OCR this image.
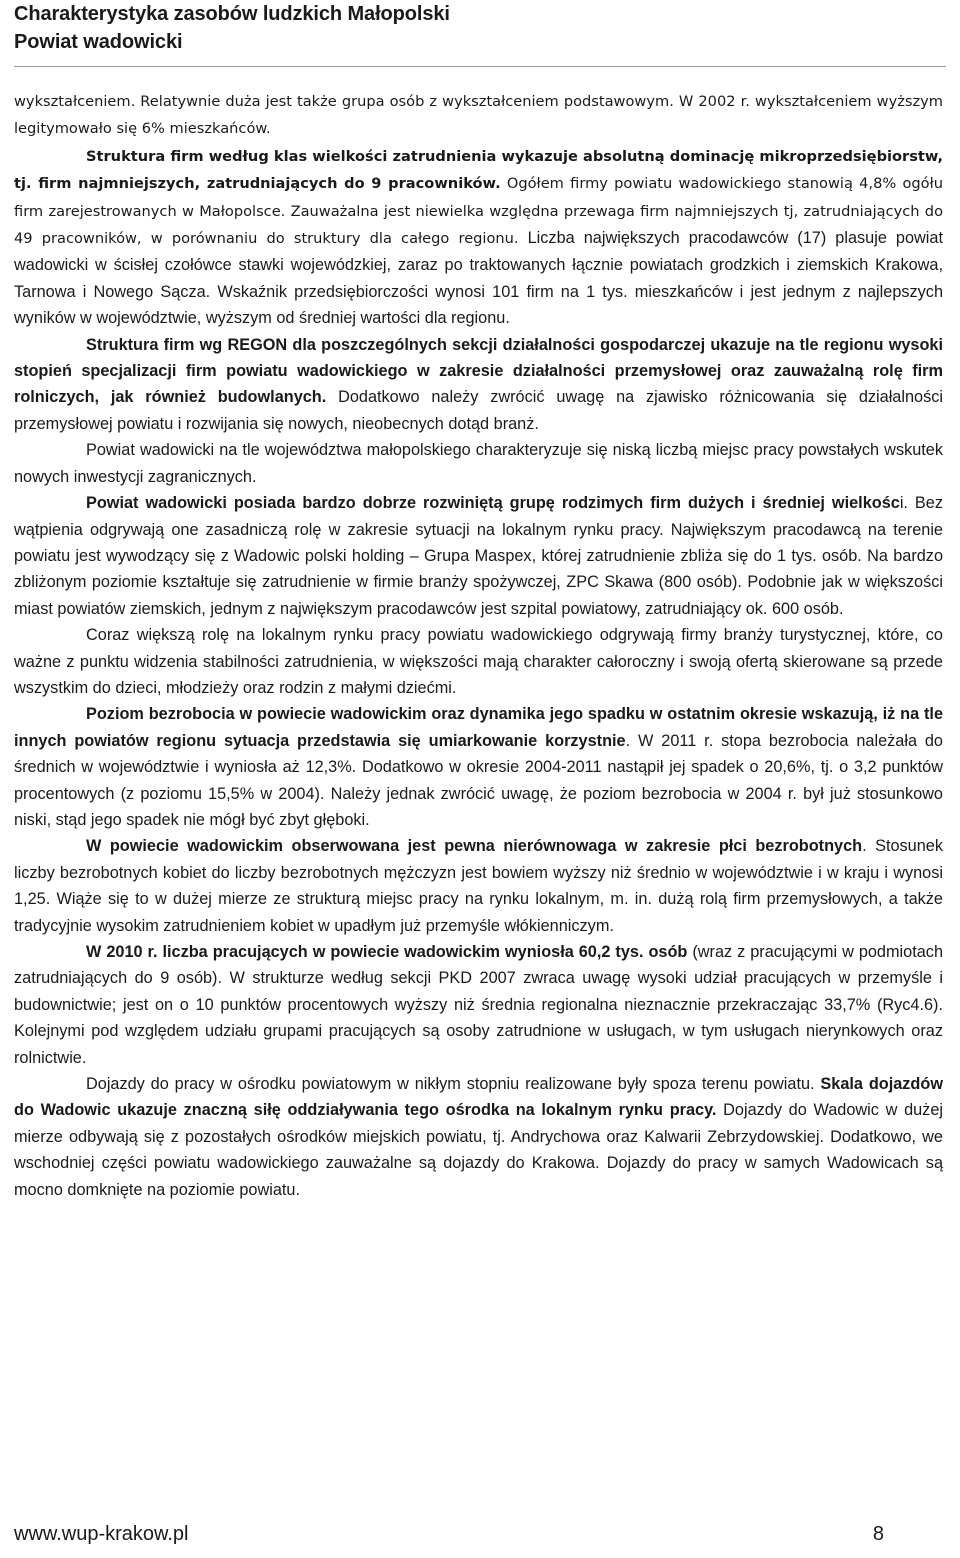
Charakterystyka zasobów ludzkich Małopolski
Powiat wadowicki

wykształceniem. Relatywnie duża jest także grupa osób z wykształceniem podstawowym. W 2002 r. wykształceniem wyższym legitymowało się 6% mieszkańców.
Struktura firm według klas wielkości zatrudnienia wykazuje absolutną dominację mikroprzedsiębiorstw, tj. firm najmniejszych, zatrudniających do 9 pracowników. Ogółem firmy powiatu wadowickiego stanowią 4,8% ogółu firm zarejestrowanych w Małopolsce. Zauważalna jest niewielka względna przewaga firm najmniejszych tj, zatrudniających do 49 pracowników, w porównaniu do struktury dla całego regionu. Liczba największych pracodawców (17) plasuje powiat wadowicki w ścisłej czołówce stawki wojewódzkiej, zaraz po traktowanych łącznie powiatach grodzkich i ziemskich Krakowa, Tarnowa i Nowego Sącza. Wskaźnik przedsiębiorczości wynosi 101 firm na 1 tys. mieszkańców i jest jednym z najlepszych wyników w województwie, wyższym od średniej wartości dla regionu.

Struktura firm wg REGON dla poszczególnych sekcji działalności gospodarczej ukazuje na tle regionu wysoki stopień specjalizacji firm powiatu wadowickiego w zakresie działalności przemysłowej oraz zauważalną rolę firm rolniczych, jak również budowlanych. Dodatkowo należy zwrócić uwagę na zjawisko różnicowania się działalności przemysłowej powiatu i rozwijania się nowych, nieobecnych dotąd branż.

Powiat wadowicki na tle województwa małopolskiego charakteryzuje się niską liczbą miejsc pracy powstałych wskutek nowych inwestycji zagranicznych.

Powiat wadowicki posiada bardzo dobrze rozwiniętą grupę rodzimych firm dużych i średniej wielkości. Bez wątpienia odgrywają one zasadniczą rolę w zakresie sytuacji na lokalnym rynku pracy. Największym pracodawcą na terenie powiatu jest wywodzący się z Wadowic polski holding – Grupa Maspex, której zatrudnienie zbliża się do 1 tys. osób. Na bardzo zbliżonym poziomie kształtuje się zatrudnienie w firmie branży spożywczej, ZPC Skawa (800 osób). Podobnie jak w większości miast powiatów ziemskich, jednym z największym pracodawców jest szpital powiatowy, zatrudniający ok. 600 osób.

Coraz większą rolę na lokalnym rynku pracy powiatu wadowickiego odgrywają firmy branży turystycznej, które, co ważne z punktu widzenia stabilności zatrudnienia, w większości mają charakter całoroczny i swoją ofertą skierowane są przede wszystkim do dzieci, młodzieży oraz rodzin z małymi dziećmi.

Poziom bezrobocia w powiecie wadowickim oraz dynamika jego spadku w ostatnim okresie wskazują, iż na tle innych powiatów regionu sytuacja przedstawia się umiarkowanie korzystnie. W 2011 r. stopa bezrobocia należała do średnich w województwie i wyniosła aż 12,3%. Dodatkowo w okresie 2004-2011 nastąpił jej spadek o 20,6%, tj. o 3,2 punktów procentowych (z poziomu 15,5% w 2004). Należy jednak zwrócić uwagę, że poziom bezrobocia w 2004 r. był już stosunkowo niski, stąd jego spadek nie mógł być zbyt głęboki.

W powiecie wadowickim obserwowana jest pewna nierównowaga w zakresie płci bezrobotnych. Stosunek liczby bezrobotnych kobiet do liczby bezrobotnych mężczyzn jest bowiem wyższy niż średnio w województwie i w kraju i wynosi 1,25. Wiąże się to w dużej mierze ze strukturą miejsc pracy na rynku lokalnym, m. in. dużą rolą firm przemysłowych, a także tradycyjnie wysokim zatrudnieniem kobiet w upadłym już przemyśle włókienniczym.

W 2010 r. liczba pracujących w powiecie wadowickim wyniosła 60,2 tys. osób (wraz z pracującymi w podmiotach zatrudniających do 9 osób). W strukturze według sekcji PKD 2007 zwraca uwagę wysoki udział pracujących w przemyśle i budownictwie; jest on o 10 punktów procentowych wyższy niż średnia regionalna nieznacznie przekraczając 33,7% (Ryc4.6). Kolejnymi pod względem udziału grupami pracujących są osoby zatrudnione w usługach, w tym usługach nierynkowych oraz rolnictwie.

Dojazdy do pracy w ośrodku powiatowym w nikłym stopniu realizowane były spoza terenu powiatu. Skala dojazdów do Wadowic ukazuje znaczną siłę oddziaływania tego ośrodka na lokalnym rynku pracy. Dojazdy do Wadowic w dużej mierze odbywają się z pozostałych ośrodków miejskich powiatu, tj. Andrychowa oraz Kalwarii Zebrzydowskiej. Dodatkowo, we wschodniej części powiatu wadowickiego zauważalne są dojazdy do Krakowa. Dojazdy do pracy w samych Wadowicach są mocno domknięte na poziomie powiatu.

www.wup-krakow.pl	8
